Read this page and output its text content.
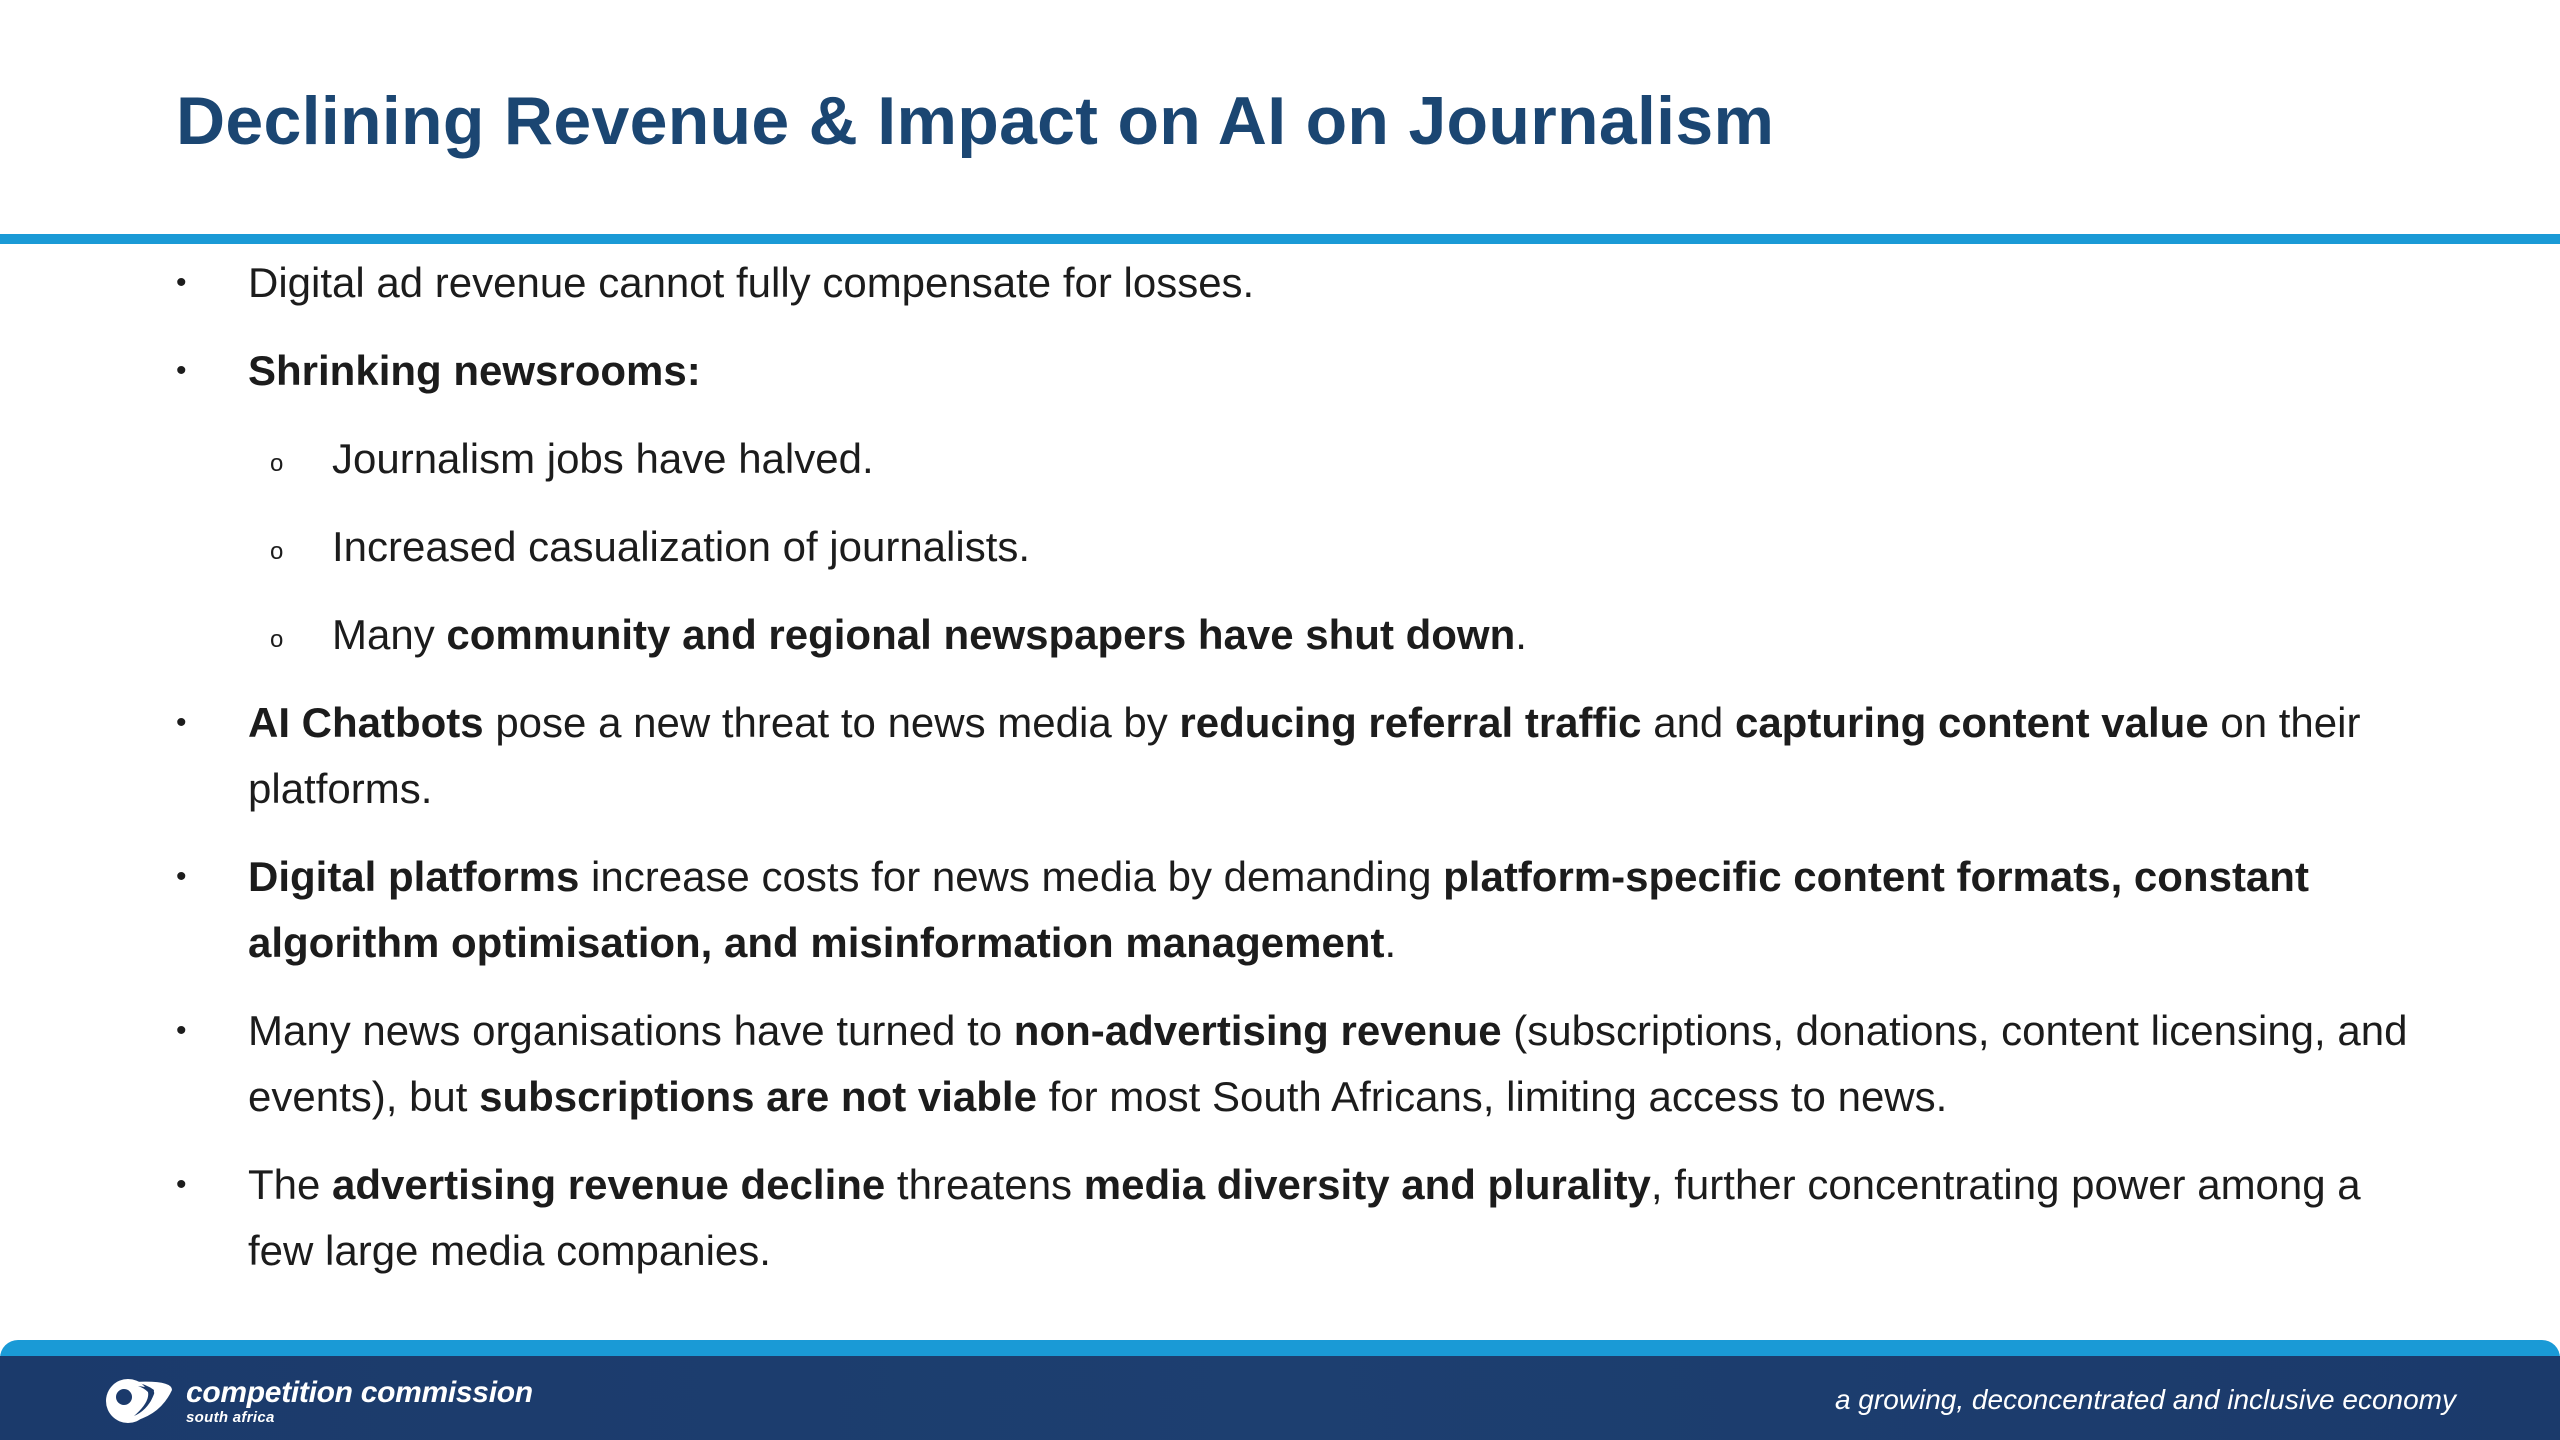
Declining Revenue & Impact on AI on Journalism
•	Digital ad revenue cannot fully compensate for losses.
•	Shrinking newsrooms:
o	Journalism jobs have halved.
o	Increased casualization of journalists.
o	Many community and regional newspapers have shut down.
•	AI Chatbots pose a new threat to news media by reducing referral traffic and capturing content value on their platforms.
•	Digital platforms increase costs for news media by demanding platform-specific content formats, constant algorithm optimisation, and misinformation management.
•	Many news organisations have turned to non-advertising revenue (subscriptions, donations, content licensing, and events), but subscriptions are not viable for most South Africans, limiting access to news.
•	The advertising revenue decline threatens media diversity and plurality, further concentrating power among a few large media companies.
competition commission
south africa
a growing, deconcentrated and inclusive economy
